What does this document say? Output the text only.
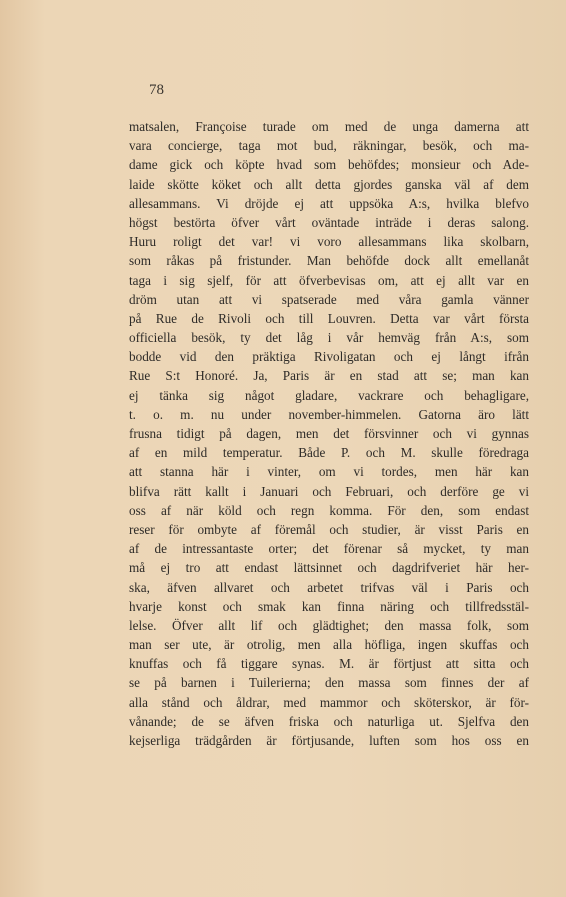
78
matsalen, Françoise turade om med de unga damerna att
vara concierge, taga mot bud, räkningar, besök, och ma-
dame gick och köpte hvad som behöfdes; monsieur och Ade-
laide skötte köket och allt detta gjordes ganska väl af dem
allesammans. Vi dröjde ej att uppsöka A:s, hvilka blefvo
högst bestörta öfver vårt oväntade inträde i deras salong.
Huru roligt det var! vi voro allesammans lika skolbarn,
som råkas på fristunder. Man behöfde dock allt emellanåt
taga i sig sjelf, för att öfverbevisas om, att ej allt var en
dröm utan att vi spatserade med våra gamla vänner
på Rue de Rivoli och till Louvren. Detta var vårt första
officiella besök, ty det låg i vår hemväg från A:s, som
bodde vid den präktiga Rivoligatan och ej långt ifrån
Rue S:t Honoré. Ja, Paris är en stad att se; man kan
ej tänka sig något gladare, vackrare och behagligare,
t. o. m. nu under november-himmelen. Gatorna äro lätt
frusna tidigt på dagen, men det försvinner och vi gynnas
af en mild temperatur. Både P. och M. skulle föredraga
att stanna här i vinter, om vi tordes, men här kan
blifva rätt kallt i Januari och Februari, och derföre ge vi
oss af när köld och regn komma. För den, som endast
reser för ombyte af föremål och studier, är visst Paris en
af de intressantaste orter; det förenar så mycket, ty man
må ej tro att endast lättsinnet och dagdrifveriet här her-
ska, äfven allvaret och arbetet trifvas väl i Paris och
hvarje konst och smak kan finna näring och tillfredsstäl-
lelse. Öfver allt lif och glädtighet; den massa folk, som
man ser ute, är otrolig, men alla höfliga, ingen skuffas och
knuffas och få tiggare synas. M. är förtjust att sitta och
se på barnen i Tuilerierna; den massa som finnes der af
alla stånd och åldrar, med mammor och sköterskor, är för-
vånande; de se äfven friska och naturliga ut. Sjelfva den
kejserliga trädgården är förtjusande, luften som hos oss en
